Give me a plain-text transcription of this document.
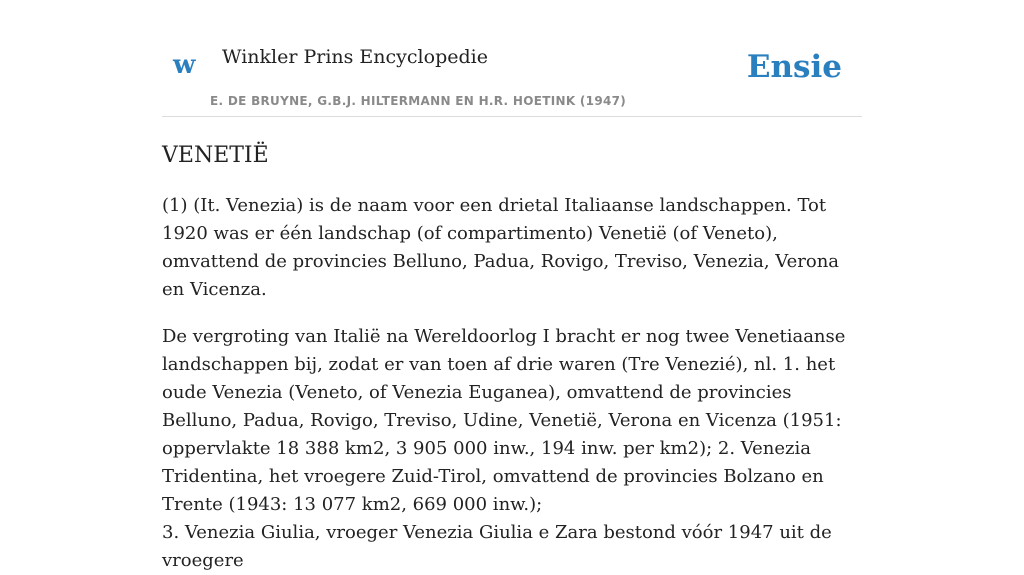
w Winkler Prins Encyclopedie	Ensie
E. DE BRUYNE, G.B.J. HILTERMANN EN H.R. HOETINK (1947)
VENETIË

(1) (It. Venezia) is de naam voor een drietal Italiaanse landschappen. Tot 1920 was er één landschap (of compartimento) Venetië (of Veneto), omvattend de provincies Belluno, Padua, Rovigo, Treviso, Venezia, Verona en Vicenza.

De vergroting van Italië na Wereldoorlog I bracht er nog twee Venetiaanse landschappen bij, zodat er van toen af drie waren (Tre Venezié), nl. 1. het oude Venezia (Veneto, of Venezia Euganea), omvattend de provincies Belluno, Padua, Rovigo, Treviso, Udine, Venetië, Verona en Vicenza (1951: oppervlakte 18 388 km2, 3 905 000 inw., 194 inw. per km2); 2. Venezia Tridentina, het vroegere Zuid-Tirol, omvattend de provincies Bolzano en Trente (1943: 13 077 km2, 669 000 inw.);

3. Venezia Giulia, vroeger Venezia Giulia e Zara bestond vóór 1947 uit de vroegere
